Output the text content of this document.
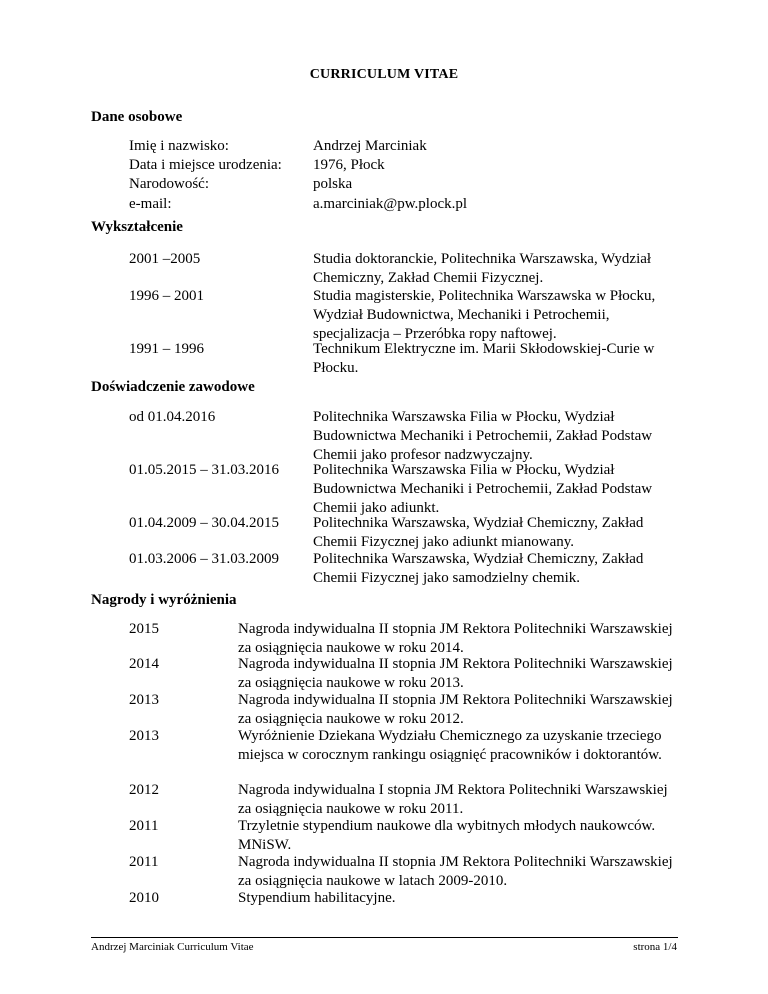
CURRICULUM VITAE
Dane osobowe
Imię i nazwisko:	Andrzej Marciniak
Data i miejsce urodzenia: 1976, Płock
Narodowość:	polska
e-mail:	a.marciniak@pw.plock.pl
Wykształcenie
2001 –2005	Studia doktoranckie, Politechnika Warszawska, Wydział Chemiczny, Zakład Chemii Fizycznej.
1996 – 2001	Studia magisterskie, Politechnika Warszawska w Płocku, Wydział Budownictwa, Mechaniki i Petrochemii, specjalizacja – Przeróbka ropy naftowej.
1991 – 1996	Technikum Elektryczne im. Marii Skłodowskiej-Curie w Płocku.
Doświadczenie zawodowe
od 01.04.2016	Politechnika Warszawska Filia w Płocku, Wydział Budownictwa Mechaniki i Petrochemii, Zakład Podstaw Chemii jako profesor nadzwyczajny.
01.05.2015 – 31.03.2016 Politechnika Warszawska Filia w Płocku, Wydział Budownictwa Mechaniki i Petrochemii, Zakład Podstaw Chemii jako adiunkt.
01.04.2009 – 30.04.2015 Politechnika Warszawska, Wydział Chemiczny, Zakład Chemii Fizycznej jako adiunkt mianowany.
01.03.2006 – 31.03.2009 Politechnika Warszawska, Wydział Chemiczny, Zakład Chemii Fizycznej jako samodzielny chemik.
Nagrody i wyróżnienia
2015	Nagroda indywidualna II stopnia JM Rektora Politechniki Warszawskiej za osiągnięcia naukowe w roku 2014.
2014	Nagroda indywidualna II stopnia JM Rektora Politechniki Warszawskiej za osiągnięcia naukowe w roku 2013.
2013	Nagroda indywidualna II stopnia JM Rektora Politechniki Warszawskiej za osiągnięcia naukowe w roku 2012.
2013	Wyróżnienie Dziekana Wydziału Chemicznego za uzyskanie trzeciego miejsca w corocznym rankingu osiągnięć pracowników i doktorantów.
2012	Nagroda indywidualna I stopnia JM Rektora Politechniki Warszawskiej za osiągnięcia naukowe w roku 2011.
2011	Trzyletnie stypendium naukowe dla wybitnych młodych naukowców. MNiSW.
2011	Nagroda indywidualna II stopnia JM Rektora Politechniki Warszawskiej za osiągnięcia naukowe w latach 2009-2010.
2010	Stypendium habilitacyjne.
Andrzej Marciniak Curriculum Vitae	strona 1/4
